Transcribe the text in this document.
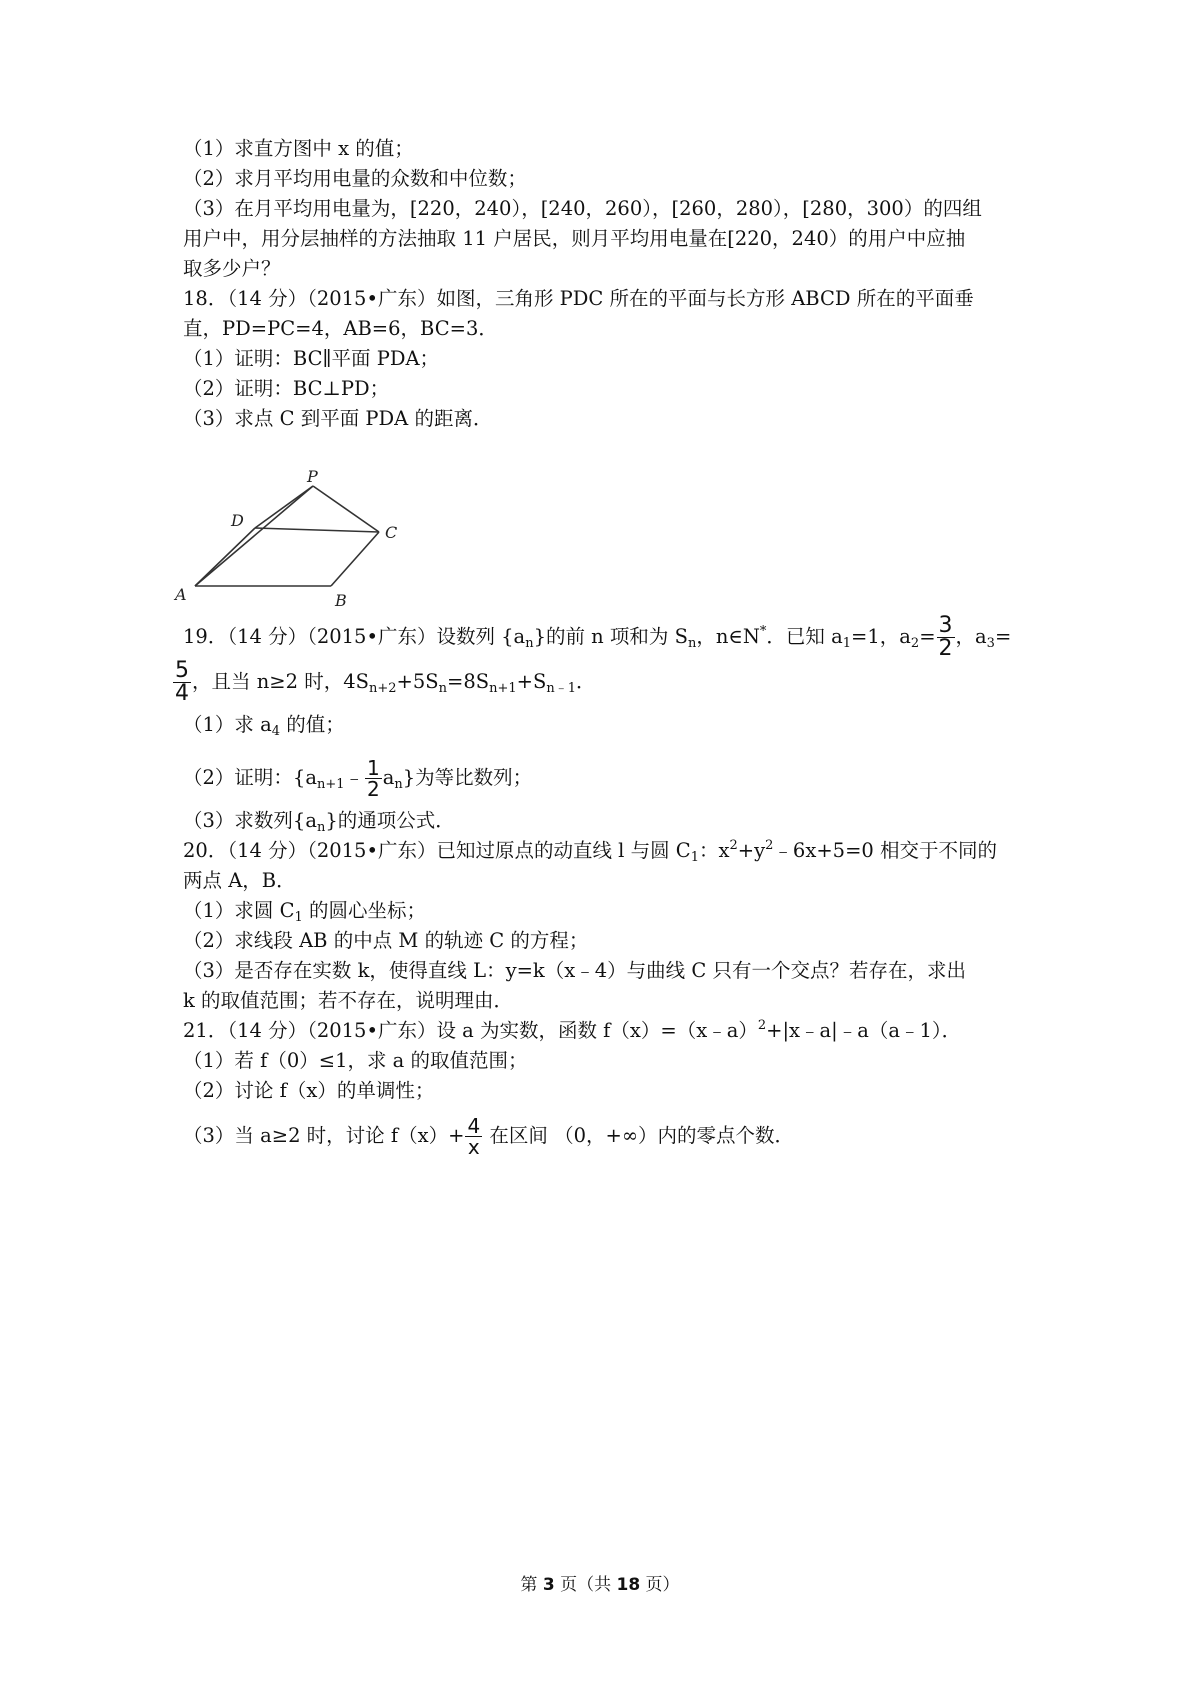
（1）求直方图中 x 的值；
（2）求月平均用电量的众数和中位数；
（3）在月平均用电量为，[220，240），[240，260），[260，280），[280，300）的四组
用户中，用分层抽样的方法抽取 11 户居民，则月平均用电量在[220，240）的用户中应抽
取多少户？
18．（14 分）（2015•广东）如图，三角形 PDC 所在的平面与长方形 ABCD 所在的平面垂
直，PD=PC=4，AB=6，BC=3．
（1）证明：BC∥平面 PDA；
（2）证明：BC⊥PD；
（3）求点 C 到平面 PDA 的距离．
P
D
C
A	B
19．（14 分）（2015•广东）设数列 $\{a_n\}$的前 n 项和为 $S_n$，n∈N*．已知 $a_1=1$，$a_2= \frac{3}{2}$ ，$a_3=$
$\frac{5}{4}$ ，且当 n≥2 时，$4S_{n+2}+5S_n=8S_{n+1}+S_{n﹣1}$．
（1）求 $a_4$ 的值；
（2）证明：$\{a_{n+1}﹣ \frac{1}{2} a_n\}$为等比数列；
（3）求数列$\{a_n\}$的通项公式．
20．（14 分）（2015•广东）已知过原点的动直线 l 与圆 $C_1$：$x^2+y^2﹣6x+5=0$ 相交于不同的
两点 A，B．
（1）求圆 $C_1$ 的圆心坐标；
（2）求线段 AB 的中点 M 的轨迹 C 的方程；
（3）是否存在实数 k，使得直线 L：y=k（x﹣4）与曲线 C 只有一个交点？若存在，求出
k 的取值范围；若不存在，说明理由．
21．（14 分）（2015•广东）设 a 为实数，函数 f（x）=（x﹣a）$^2$+|x﹣a|﹣a（a﹣1）．
（1）若 f（0）≤1，求 a 的取值范围；
（2）讨论 f（x）的单调性；
（3）当 a≥2 时，讨论 $f(x)+ \frac{4}{x}$ 在区间 （0，+∞）内的零点个数．
第 3 页（共 18 页）
